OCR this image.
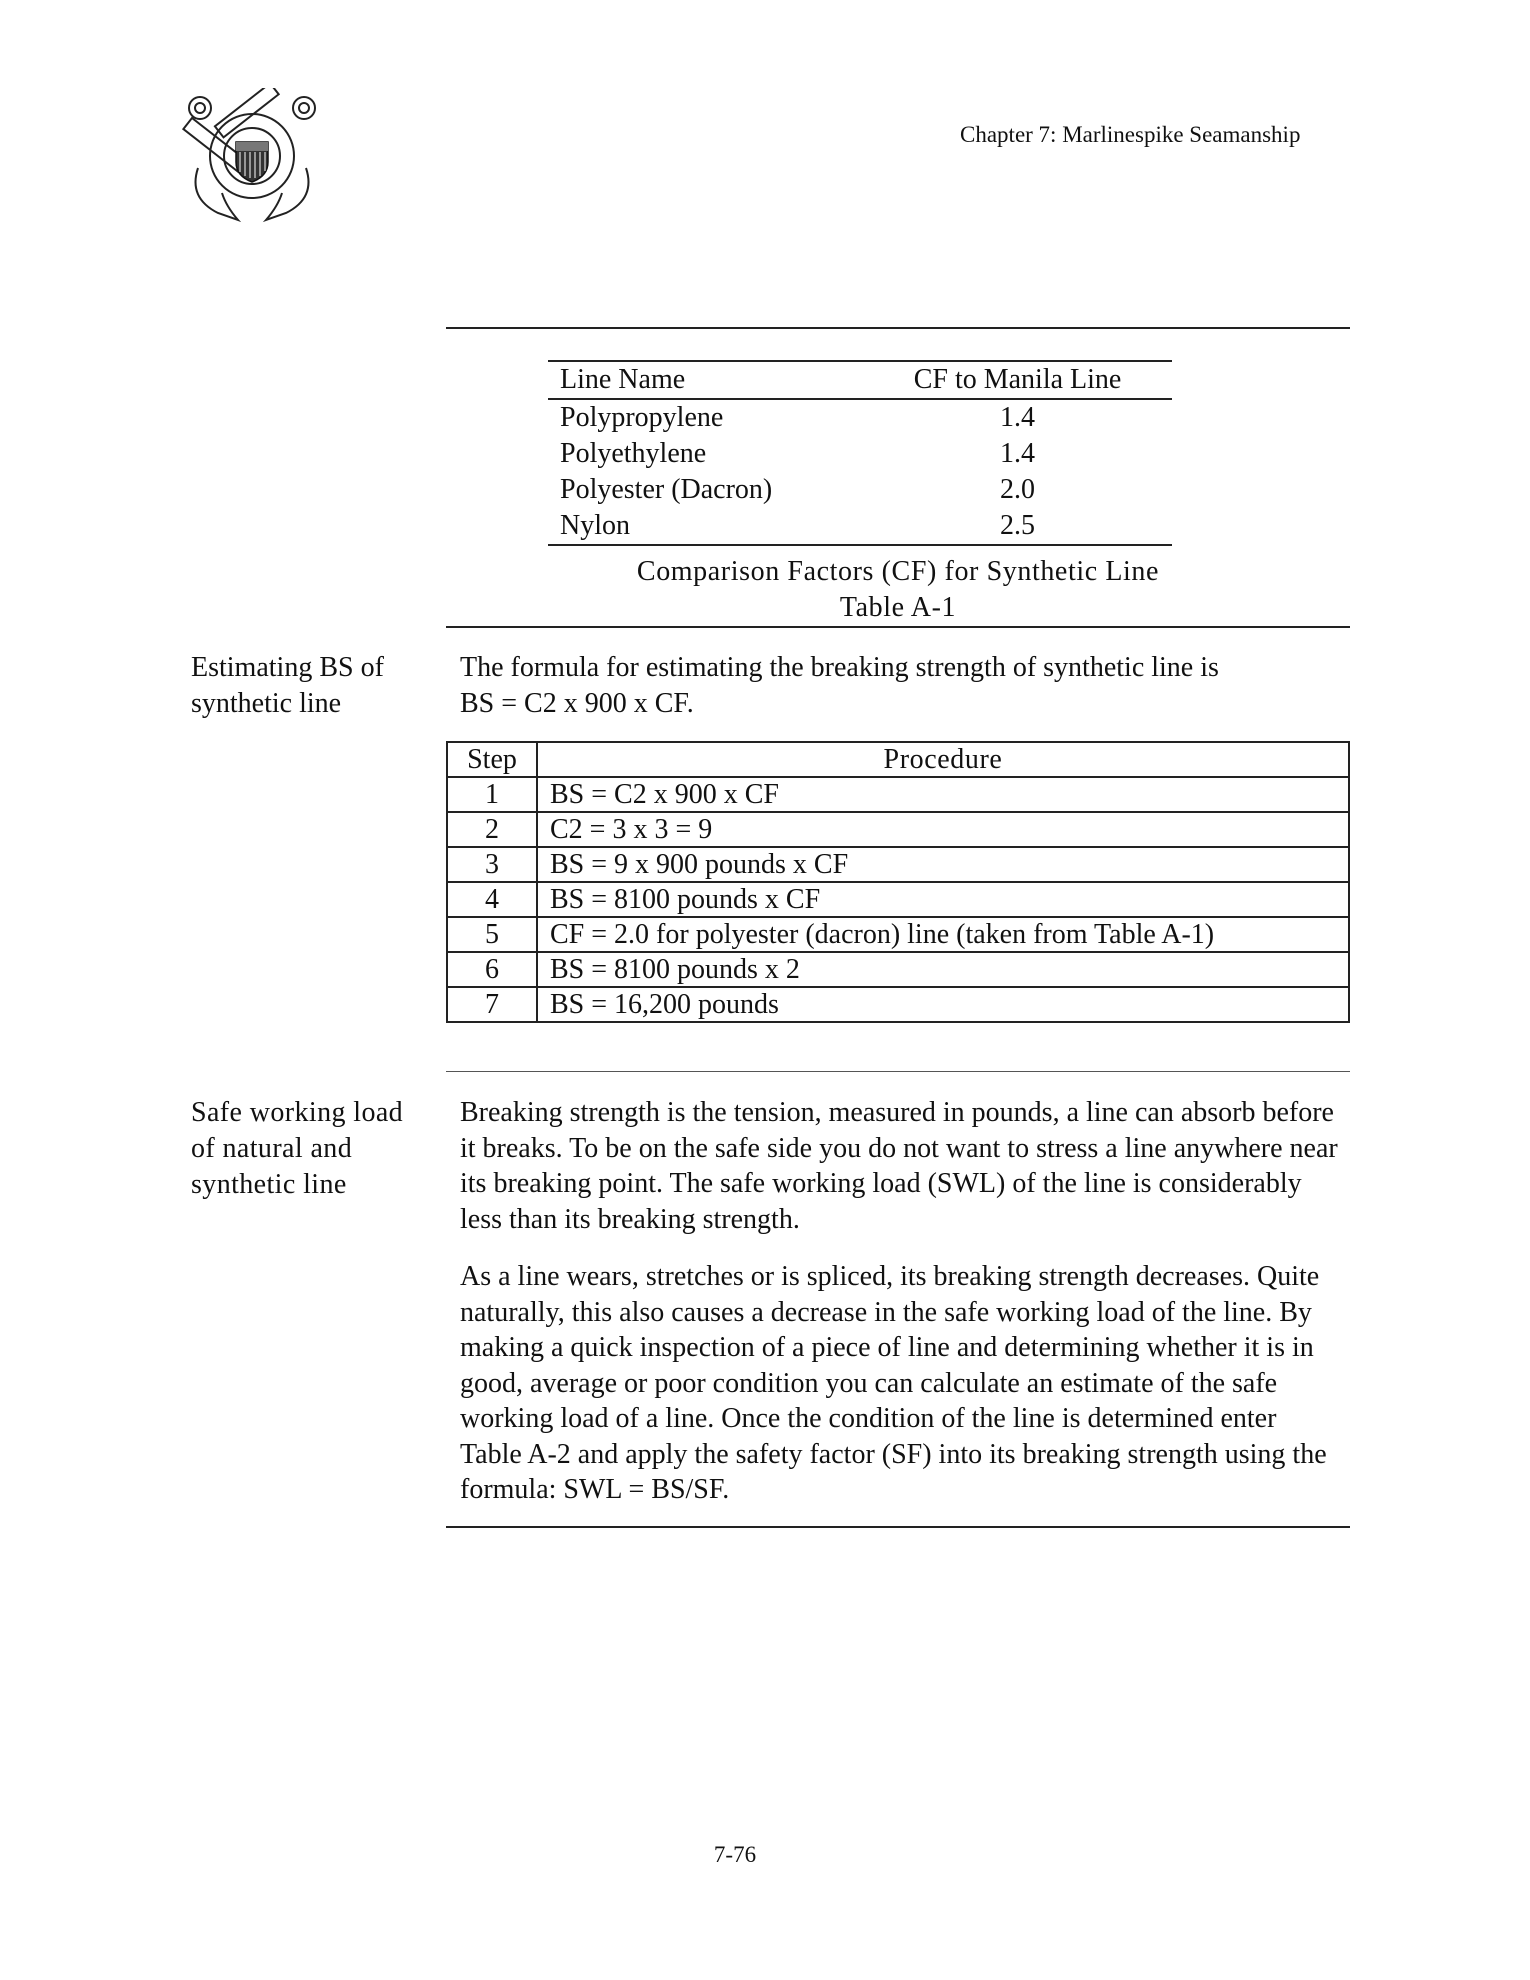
Chapter 7: Marlinespike Seamanship
Line Name	CF to Manila Line
Polypropylene	1.4
Polyethylene	1.4
Polyester (Dacron)	2.0
Nylon	2.5
Comparison Factors (CF) for Synthetic Line
Table A-1

Estimating BS of

synthetic line

The formula for estimating the breaking strength of synthetic line is

BS = C2 x 900 x CF.

Step	Procedure
1	BS = C2 x 900 x CF
2	C2 = 3 x 3 = 9
3	BS = 9 x 900 pounds x CF
4	BS = 8100 pounds x CF
5	CF = 2.0 for polyester (dacron) line (taken from Table A-1)
6	BS = 8100 pounds x 2
7	BS = 16,200 pounds

Safe working load

of natural and

synthetic line

Breaking strength is the tension, measured in pounds, a line can absorb before it breaks. To be on the safe side you do not want to stress a line anywhere near its breaking point. The safe working load (SWL) of the line is considerably less than its breaking strength.

As a line wears, stretches or is spliced, its breaking strength decreases. Quite naturally, this also causes a decrease in the safe working load of the line. By making a quick inspection of a piece of line and determining whether it is in good, average or poor condition you can calculate an estimate of the safe working load of a line. Once the condition of the line is determined enter Table A-2 and apply the safety factor (SF) into its breaking strength using the formula: SWL = BS/SF.

7-76
